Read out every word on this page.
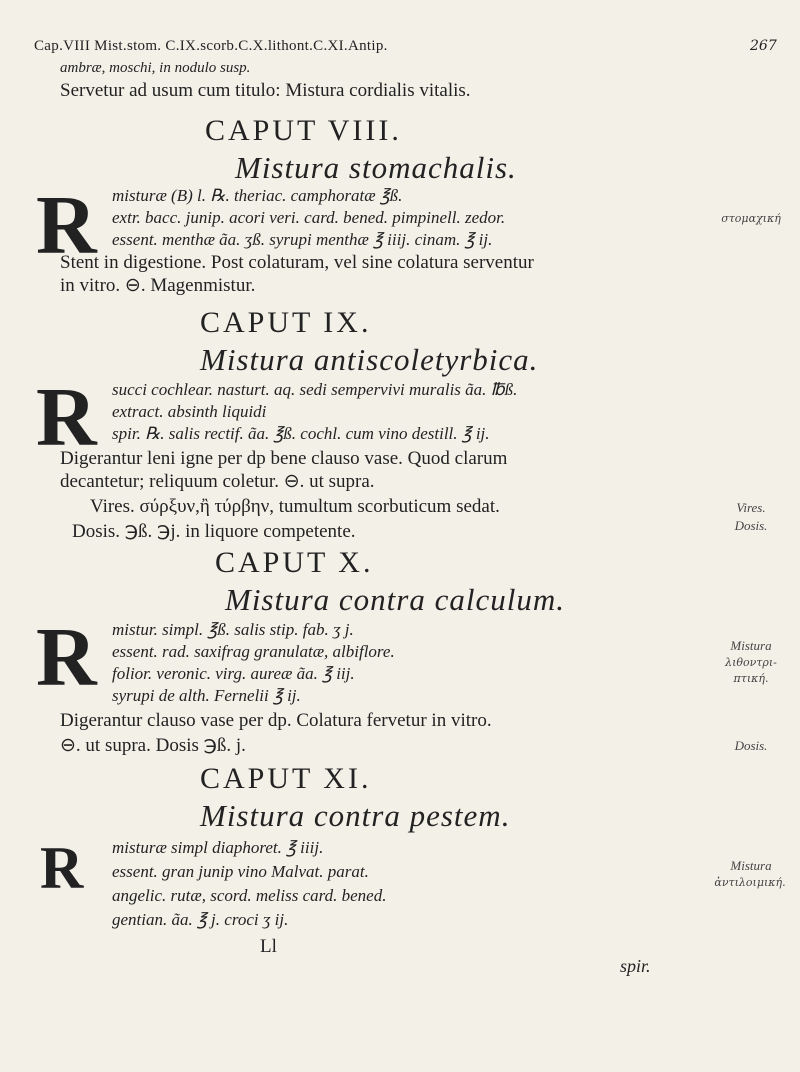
Cap.VIII Mist.stom. C.IX.scorb.C.X.lithont.C.XI.Antip.	267
ambræ, moschi, in nodulo susp.
Servetur ad usum cum titulo: Mistura cordialis vitalis.
CAPUT VIII.
Mistura stomachalis.
R misturæ (B) l. ℞. theriac. camphoratæ ℥ß.
extr. bacc. junip. acori veri. card. bened. pimpinell. zedor.
essent. menthæ ãa. ʒß. syrupi menthæ ℥ iiij. cinam. ℥ ij.
Stent in digestione. Post colaturam, vel sine colatura serventur
in vitro. ⊖. Magenmistur.
στομαχική
CAPUT IX.
Mistura antiscoletyrbica.
R succi cochlear. nasturt. aq. sedi sempervivi muralis ãa. ℔ß.
extract. absinth liquidi
spir. ℞. salis rectif. ãa. ℥ß. cochl. cum vino destill. ℥ ij.
Digerantur leni igne per dp bene clauso vase. Quod clarum
decantetur; reliquum coletur. ⊖. ut supra.
Vires. σύρξυν,ἢ τύρβην, tumultum scorbuticum sedat.
Dosis. ℈ß. ℈j. in liquore competente.
Vires.
Dosis.
CAPUT X.
Mistura contra calculum.
R mistur. simpl. ℥ß. salis stip. fab. ʒ j.
essent. rad. saxifrag granulatæ, albiflore.
folior. veronic. virg. aureæ ãa. ℥ iij.
syrupi de alth. Fernelii ℥ ij.
Digerantur clauso vase per dp. Colatura fervetur in vitro.
⊖. ut supra. Dosis ℈ß. j.
Mistura
λιθοντρι-
πτική.
Dosis.
CAPUT XI.
Mistura contra pestem.
R misturæ simpl diaphoret. ℥ iiij.
essent. gran junip vino Malvat. parat.
angelic. rutæ, scord. meliss card. bened.
gentian. ãa. ℥ j. croci ʒ ij.
Mistura
ἀντιλοιμική.
Ll
spir.
